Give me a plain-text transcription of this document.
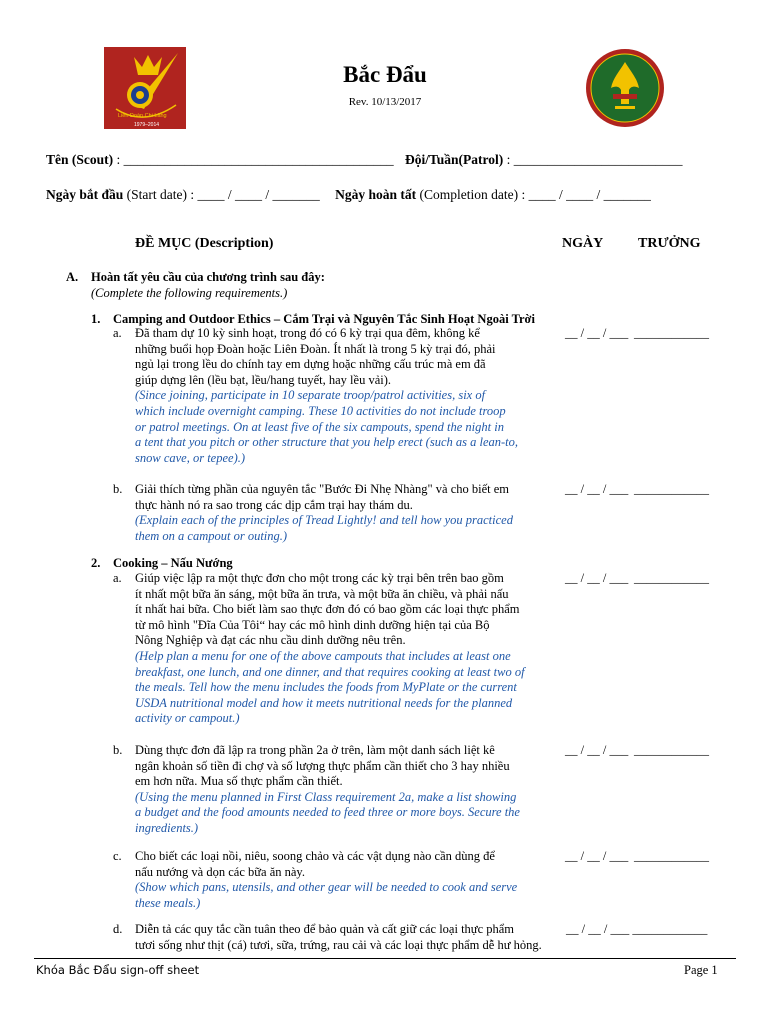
Liên Đoàn Chi Lăng
1979–2014
Bắc Đẩu
Rev. 10/13/2017
Tên (Scout) : ________________________________________ Đội/Tuần(Patrol) : _________________________
Ngày bắt đầu (Start date) : ____ / ____ / _______ Ngày hoàn tất (Completion date) : ____ / ____ / _______
ĐỀ MỤC (Description)	NGÀY TRƯỞNG
A. Hoàn tất yêu cầu của chương trình sau đây:
(Complete the following requirements.)
1. Camping and Outdoor Ethics – Cắm Trại và Nguyên Tắc Sinh Hoạt Ngoài Trời
a. Đã tham dự 10 kỳ sinh hoạt, trong đó có 6 kỳ trại qua đêm, không kể
những buổi họp Đoàn hoặc Liên Đoàn. Ít nhất là trong 5 kỳ trại đó, phải
ngủ lại trong lều do chính tay em dựng hoặc những cấu trúc mà em đã
giúp dựng lên (lều bạt, lều/hang tuyết, hay lều vải).
(Since joining, participate in 10 separate troop/patrol activities, six of
which include overnight camping. These 10 activities do not include troop
or patrol meetings. On at least five of the six campouts, spend the night in
a tent that you pitch or other structure that you help erect (such as a lean-to,
snow cave, or tepee).)
__ / __ / ___ ____________
b. Giải thích từng phần của nguyên tắc "Bước Đi Nhẹ Nhàng" và cho biết em
thực hành nó ra sao trong các dịp cắm trại hay thám du.
(Explain each of the principles of Tread Lightly! and tell how you practiced
them on a campout or outing.)
__ / __ / ___ ____________
2. Cooking – Nấu Nướng
a. Giúp việc lập ra một thực đơn cho một trong các kỳ trại bên trên bao gồm
ít nhất một bữa ăn sáng, một bữa ăn trưa, và một bữa ăn chiều, và phải nấu
ít nhất hai bữa. Cho biết làm sao thực đơn đó có bao gồm các loại thực phẩm
từ mô hình "Đĩa Của Tôi“ hay các mô hình dinh dưỡng hiện tại của Bộ
Nông Nghiệp và đạt các nhu cầu dinh dưỡng nêu trên.
(Help plan a menu for one of the above campouts that includes at least one
breakfast, one lunch, and one dinner, and that requires cooking at least two of
the meals. Tell how the menu includes the foods from MyPlate or the current
USDA nutritional model and how it meets nutritional needs for the planned
activity or campout.)
__ / __ / ___ ____________
b. Dùng thực đơn đã lập ra trong phần 2a ở trên, làm một danh sách liệt kê
ngân khoản số tiền đi chợ và số lượng thực phẩm cần thiết cho 3 hay nhiều
em hơn nữa. Mua số thực phẩm cần thiết.
(Using the menu planned in First Class requirement 2a, make a list showing
a budget and the food amounts needed to feed three or more boys. Secure the
ingredients.)
__ / __ / ___ ____________
c. Cho biết các loại nồi, niêu, soong chảo và các vật dụng nào cần dùng để
nấu nướng và dọn các bữa ăn này.
(Show which pans, utensils, and other gear will be needed to cook and serve
these meals.)
__ / __ / ___ ____________
d. Diễn tả các quy tắc cần tuân theo để bảo quản và cất giữ các loại thực phẩm
tươi sống như thịt (cá) tươi, sữa, trứng, rau cải và các loại thực phẩm dễ hư hỏng.
__ / __ / ___ ____________
Khóa Bắc Đẩu sign-off sheet	Page 1
